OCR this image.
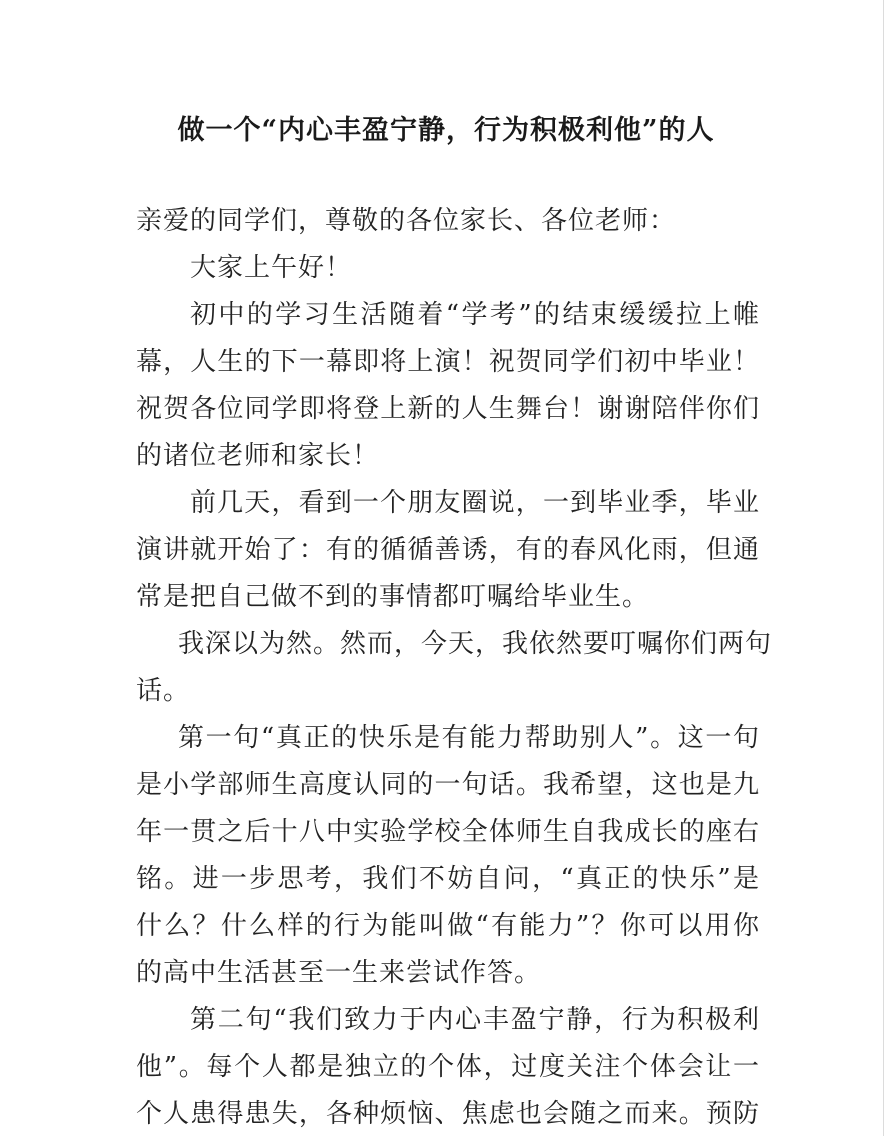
做一个“内心丰盈宁静，行为积极利他”的人
亲爱的同学们，尊敬的各位家长、各位老师：
大家上午好！
初中的学习生活随着“学考”的结束缓缓拉上帷
幕，人生的下一幕即将上演！祝贺同学们初中毕业！
祝贺各位同学即将登上新的人生舞台！谢谢陪伴你们
的诸位老师和家长！
前几天，看到一个朋友圈说，一到毕业季，毕业
演讲就开始了：有的循循善诱，有的春风化雨，但通
常是把自己做不到的事情都叮嘱给毕业生。
我深以为然。然而，今天，我依然要叮嘱你们两句
话。
第一句“真正的快乐是有能力帮助别人”。这一句
是小学部师生高度认同的一句话。我希望，这也是九
年一贯之后十八中实验学校全体师生自我成长的座右
铭。进一步思考，我们不妨自问，“真正的快乐”是
什么？什么样的行为能叫做“有能力”？你可以用你
的高中生活甚至一生来尝试作答。
第二句“我们致力于内心丰盈宁静，行为积极利
他”。每个人都是独立的个体，过度关注个体会让一
个人患得患失，各种烦恼、焦虑也会随之而来。预防
